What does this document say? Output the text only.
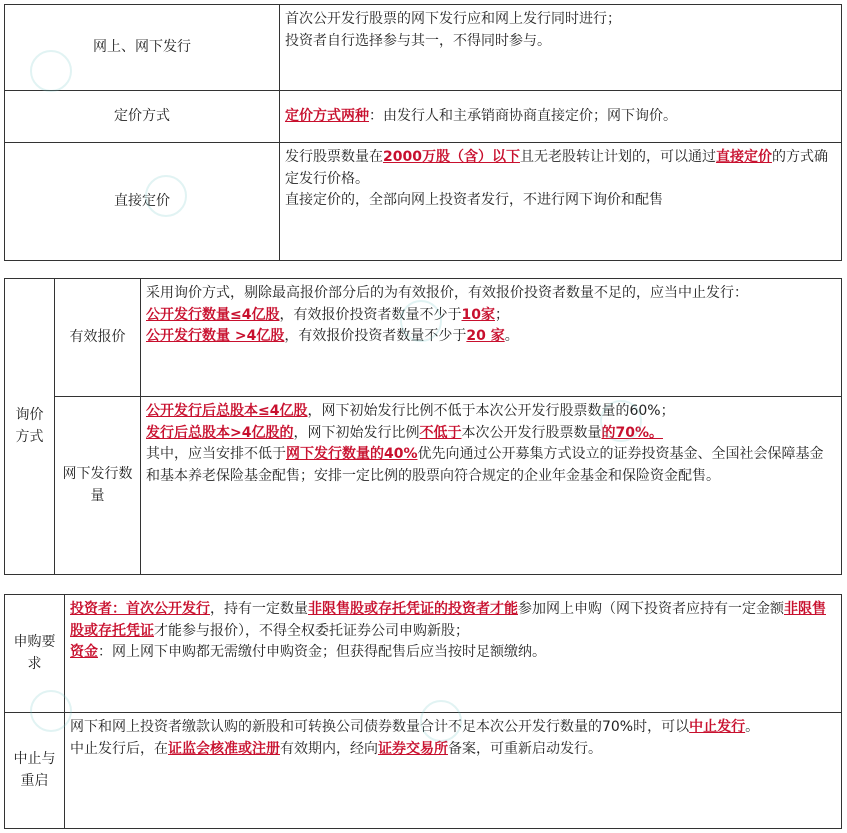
网上、网下发行	首次公开发行股票的网下发行应和网上发行同时进行；
投资者自行选择参与其一，不得同时参与。

定价方式	定价方式两种：由发行人和主承销商协商直接定价；网下询价。
直接定价	发行股票数量在2000万股（含）以下且无老股转让计划的，可以通过直接定价的方式确定发行价格。
直接定价的，全部向网上投资者发行，不进行网下询价和配售
询价
方式	有效报价	采用询价方式，剔除最高报价部分后的为有效报价，有效报价投资者数量不足的，应当中止发行：
公开发行数量≤4亿股，有效报价投资者数量不少于10家；
公开发行数量 >4亿股，有效报价投资者数量不少于20 家。

	网下发行数
量	公开发行后总股本≤4亿股，网下初始发行比例不低于本次公开发行股票数量的60%；
发行后总股本>4亿股的，网下初始发行比例不低于本次公开发行股票数量的70%。
其中，应当安排不低于网下发行数量的40%优先向通过公开募集方式设立的证券投资基金、全国社会保障基金和基本养老保险基金配售；安排一定比例的股票向符合规定的企业年金基金和保险资金配售。
申购要
求	投资者：首次公开发行，持有一定数量非限售股或存托凭证的投资者才能参加网上申购（网下投资者应持有一定金额非限售股或存托凭证才能参与报价），不得全权委托证券公司申购新股；
资金：网上网下申购都无需缴付申购资金；但获得配售后应当按时足额缴纳。

中止与
重启	网下和网上投资者缴款认购的新股和可转换公司债券数量合计不足本次公开发行数量的70%时，可以中止发行。
中止发行后，在证监会核准或注册有效期内，经向证券交易所备案，可重新启动发行。
